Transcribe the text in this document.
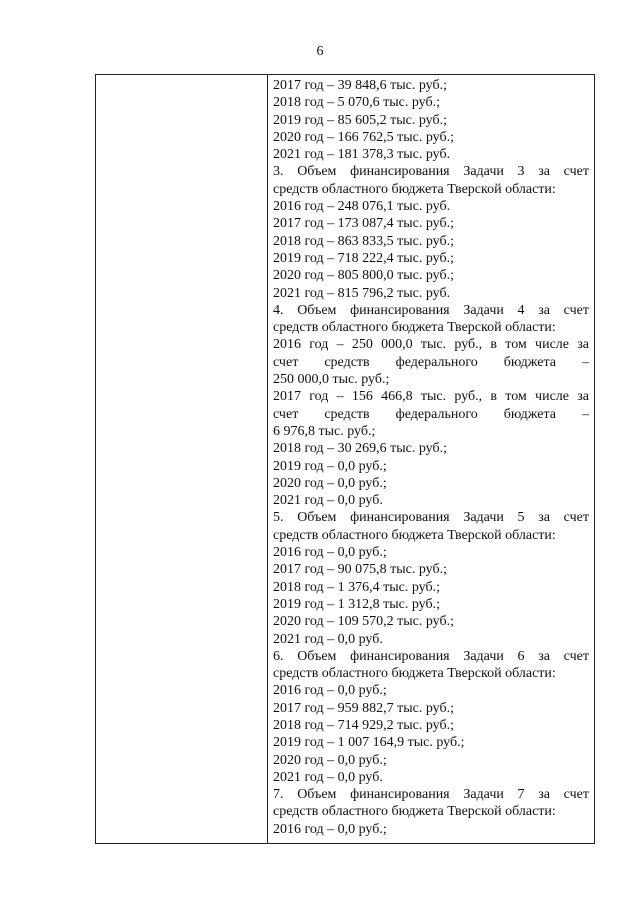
6
2017 год – 39 848,6 тыс. руб.;
2018 год – 5 070,6 тыс. руб.;
2019 год – 85 605,2 тыс. руб.;
2020 год – 166 762,5 тыс. руб.;
2021 год – 181 378,3 тыс. руб.
3. Объем финансирования Задачи 3 за счет
средств областного бюджета Тверской области:
2016 год – 248 076,1 тыс. руб.
2017 год – 173 087,4 тыс. руб.;
2018 год – 863 833,5 тыс. руб.;
2019 год – 718 222,4 тыс. руб.;
2020 год – 805 800,0 тыс. руб.;
2021 год – 815 796,2 тыс. руб.
4. Объем финансирования Задачи 4 за счет
средств областного бюджета Тверской области:
2016 год – 250 000,0 тыс. руб., в том числе за
счет средств федерального бюджета –
250 000,0 тыс. руб.;
2017 год – 156 466,8 тыс. руб., в том числе за
счет средств федерального бюджета –
6 976,8 тыс. руб.;
2018 год – 30 269,6 тыс. руб.;
2019 год – 0,0 руб.;
2020 год – 0,0 руб.;
2021 год – 0,0 руб.
5. Объем финансирования Задачи 5 за счет
средств областного бюджета Тверской области:
2016 год – 0,0 руб.;
2017 год – 90 075,8 тыс. руб.;
2018 год – 1 376,4 тыс. руб.;
2019 год – 1 312,8 тыс. руб.;
2020 год – 109 570,2 тыс. руб.;
2021 год – 0,0 руб.
6. Объем финансирования Задачи 6 за счет
средств областного бюджета Тверской области:
2016 год – 0,0 руб.;
2017 год – 959 882,7 тыс. руб.;
2018 год – 714 929,2 тыс. руб.;
2019 год – 1 007 164,9 тыс. руб.;
2020 год – 0,0 руб.;
2021 год – 0,0 руб.
7. Объем финансирования Задачи 7 за счет
средств областного бюджета Тверской области:
2016 год – 0,0 руб.;
